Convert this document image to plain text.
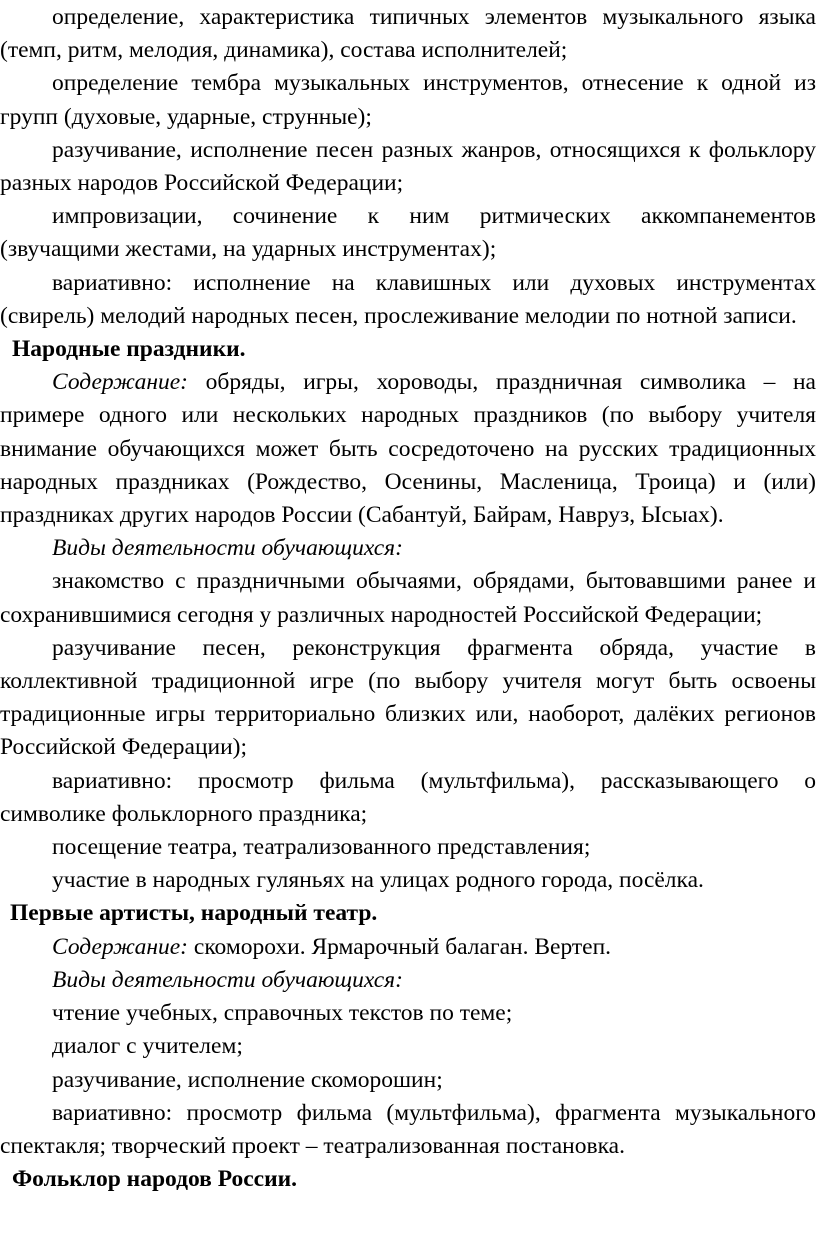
определение, характеристика типичных элементов музыкального языка (темп, ритм, мелодия, динамика), состава исполнителей;

определение тембра музыкальных инструментов, отнесение к одной из групп (духовые, ударные, струнные);

разучивание, исполнение песен разных жанров, относящихся к фольклору разных народов Российской Федерации;

импровизации, сочинение к ним ритмических аккомпанементов (звучащими жестами, на ударных инструментах);

вариативно: исполнение на клавишных или духовых инструментах (свирель) мелодий народных песен, прослеживание мелодии по нотной записи.

Народные праздники.

Содержание: обряды, игры, хороводы, праздничная символика – на примере одного или нескольких народных праздников (по выбору учителя внимание обучающихся может быть сосредоточено на русских традиционных народных праздниках (Рождество, Осенины, Масленица, Троица) и (или) праздниках других народов России (Сабантуй, Байрам, Навруз, Ысыах).

Виды деятельности обучающихся:

знакомство с праздничными обычаями, обрядами, бытовавшими ранее и сохранившимися сегодня у различных народностей Российской Федерации;

разучивание песен, реконструкция фрагмента обряда, участие в коллективной традиционной игре (по выбору учителя могут быть освоены традиционные игры территориально близких или, наоборот, далёких регионов Российской Федерации);

вариативно: просмотр фильма (мультфильма), рассказывающего о символике фольклорного праздника;

посещение театра, театрализованного представления;

участие в народных гуляньях на улицах родного города, посёлка.

Первые артисты, народный театр.

Содержание: скоморохи. Ярмарочный балаган. Вертеп.

Виды деятельности обучающихся:

чтение учебных, справочных текстов по теме;

диалог с учителем;

разучивание, исполнение скоморошин;

вариативно: просмотр фильма (мультфильма), фрагмента музыкального спектакля; творческий проект – театрализованная постановка.

Фольклор народов России.
